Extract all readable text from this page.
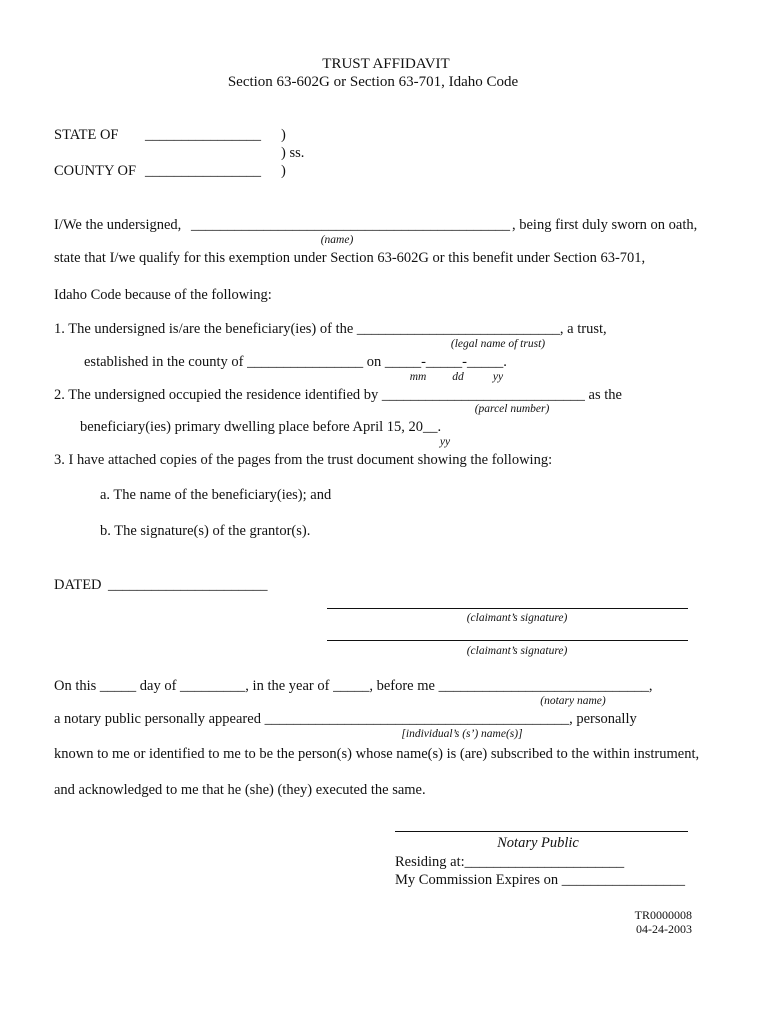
TRUST AFFIDAVIT
Section 63-602G or Section 63-701, Idaho Code
STATE OF ________________ )
) ss.
COUNTY OF ________________ )
I/We the undersigned, ____________________________________________ , being first duly sworn on oath,
(name)
state that I/we qualify for this exemption under Section 63-602G or this benefit under Section 63-701,
Idaho Code because of the following:
1. The undersigned is/are the beneficiary(ies) of the ____________________________, a trust,
(legal name of trust)
established in the county of ________________ on _____-_____-_____.
mm dd	yy
2. The undersigned occupied the residence identified by ____________________________ as the
(parcel number)
beneficiary(ies) primary dwelling place before April 15, 20__.
yy
3. I have attached copies of the pages from the trust document showing the following:
a. The name of the beneficiary(ies); and
b. The signature(s) of the grantor(s).
DATED ______________________
(claimant’s signature)
(claimant’s signature)
On this _____ day of _________, in the year of _____, before me _____________________________,
(notary name)
a notary public personally appeared __________________________________________, personally
[individual’s (s’) name(s)]
known to me or identified to me to be the person(s) whose name(s) is (are) subscribed to the within instrument,
and acknowledged to me that he (she) (they) executed the same.
Notary Public
Residing at:______________________
My Commission Expires on _________________
TR0000008
04-24-2003
